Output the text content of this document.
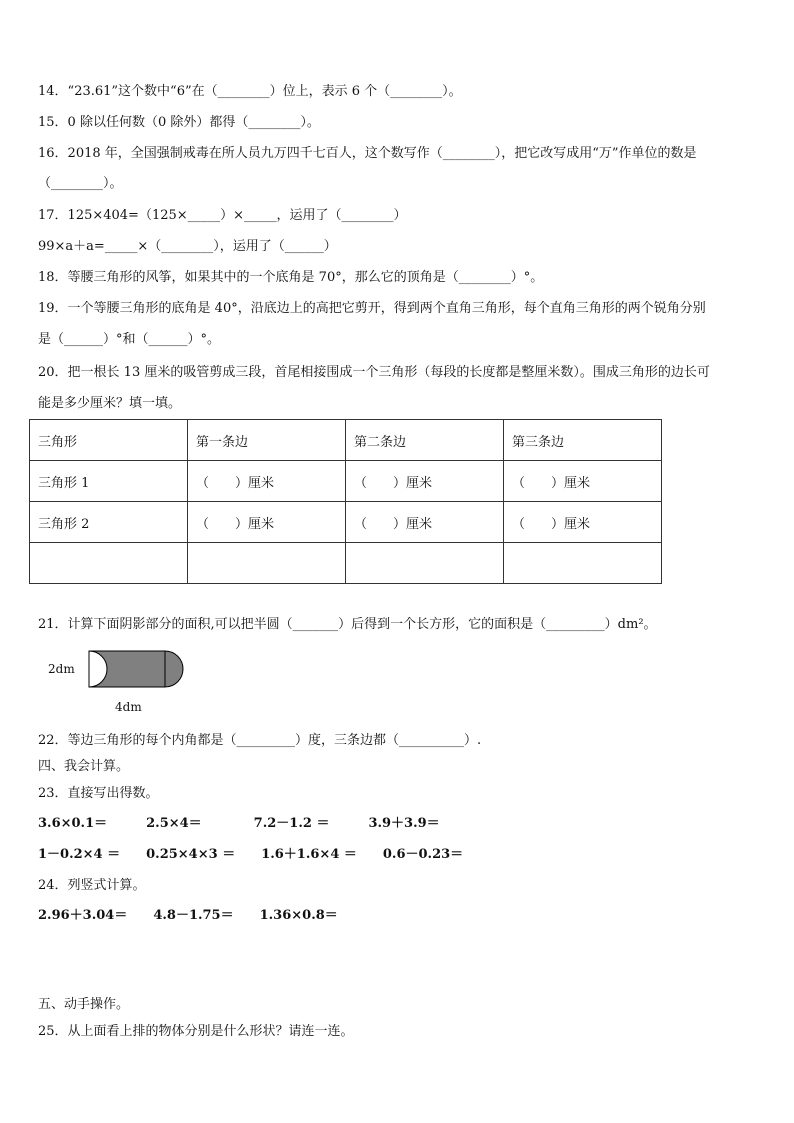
14．“23.61”这个数中“6”在（________）位上，表示 6 个（________）。
15．0 除以任何数（0 除外）都得（________）。
16．2018 年，全国强制戒毒在所人员九万四千七百人，这个数写作（________），把它改写成用“万”作单位的数是
（________）。
17．125×404=（125×_____）×_____，运用了（________）
99×a＋a=_____×（________），运用了（______）
18．等腰三角形的风筝，如果其中的一个底角是 70°，那么它的顶角是（________）°。
19．一个等腰三角形的底角是 40°，沿底边上的高把它剪开，得到两个直角三角形，每个直角三角形的两个锐角分别
是（______）°和（______）°。
20．把一根长 13 厘米的吸管剪成三段，首尾相接围成一个三角形（每段的长度都是整厘米数）。围成三角形的边长可
能是多少厘米？填一填。
三角形	第一条边	第二条边	第三条边
三角形 1	（　　）厘米	（　　）厘米	（　　）厘米
三角形 2	（　　）厘米	（　　）厘米	（　　）厘米

21．计算下面阴影部分的面积,可以把半圆（_______）后得到一个长方形，它的面积是（_________）dm²。
2dm
4dm
22．等边三角形的每个内角都是（_________）度，三条边都（__________）.
四、我会计算。
23．直接写出得数。
3.6×0.1＝　　　2.5×4＝　　　　7.2－1.2 ＝　　　3.9＋3.9＝
1－0.2×4 ＝　　0.25×4×3 ＝　　1.6＋1.6×4 ＝　　0.6－0.23＝
24．列竖式计算。
2.96＋3.04＝　　4.8－1.75＝　　1.36×0.8＝
五、动手操作。
25．从上面看上排的物体分别是什么形状？请连一连。
